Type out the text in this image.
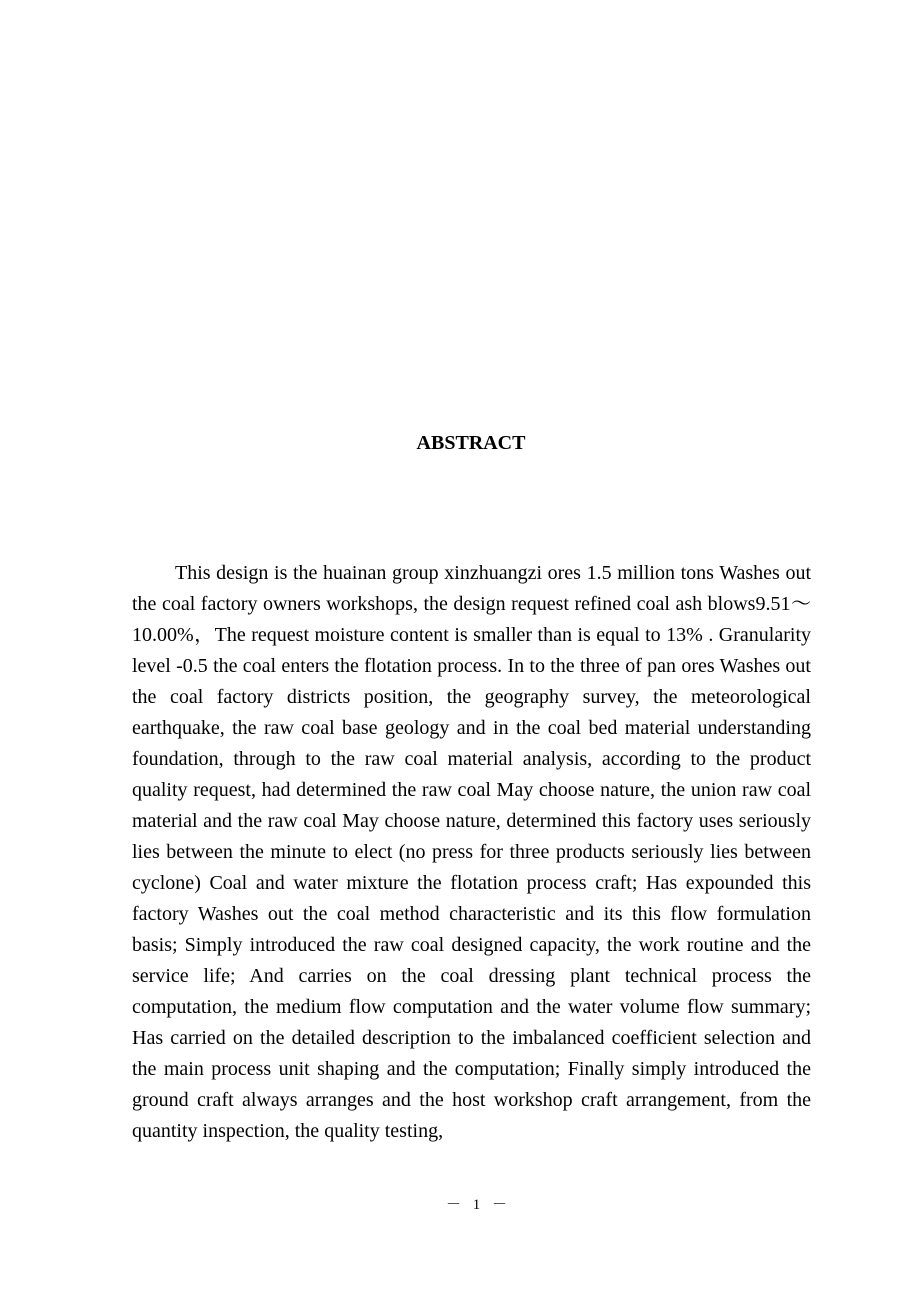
ABSTRACT

This design is the huainan group xinzhuangzi ores 1.5 million tons Washes out the coal factory owners workshops, the design request refined coal ash blows9.51～10.00%，The request moisture content is smaller than is equal to 13% . Granularity level -0.5 the coal enters the flotation process. In to the three of pan ores Washes out the coal factory districts position, the geography survey, the meteorological earthquake, the raw coal base geology and in the coal bed material understanding foundation, through to the raw coal material analysis, according to the product quality request, had determined the raw coal May choose nature, the union raw coal material and the raw coal May choose nature, determined this factory uses seriously lies between the minute to elect (no press for three products seriously lies between cyclone) Coal and water mixture the flotation process craft; Has expounded this factory Washes out the coal method characteristic and its this flow formulation basis; Simply introduced the raw coal designed capacity, the work routine and the service life; And carries on the coal dressing plant technical process the computation, the medium flow computation and the water volume flow summary; Has carried on the detailed description to the imbalanced coefficient selection and the main process unit shaping and the computation; Finally simply introduced the ground craft always arranges and the host workshop craft arrangement, from the quantity inspection, the quality testing,

－ 1 －
